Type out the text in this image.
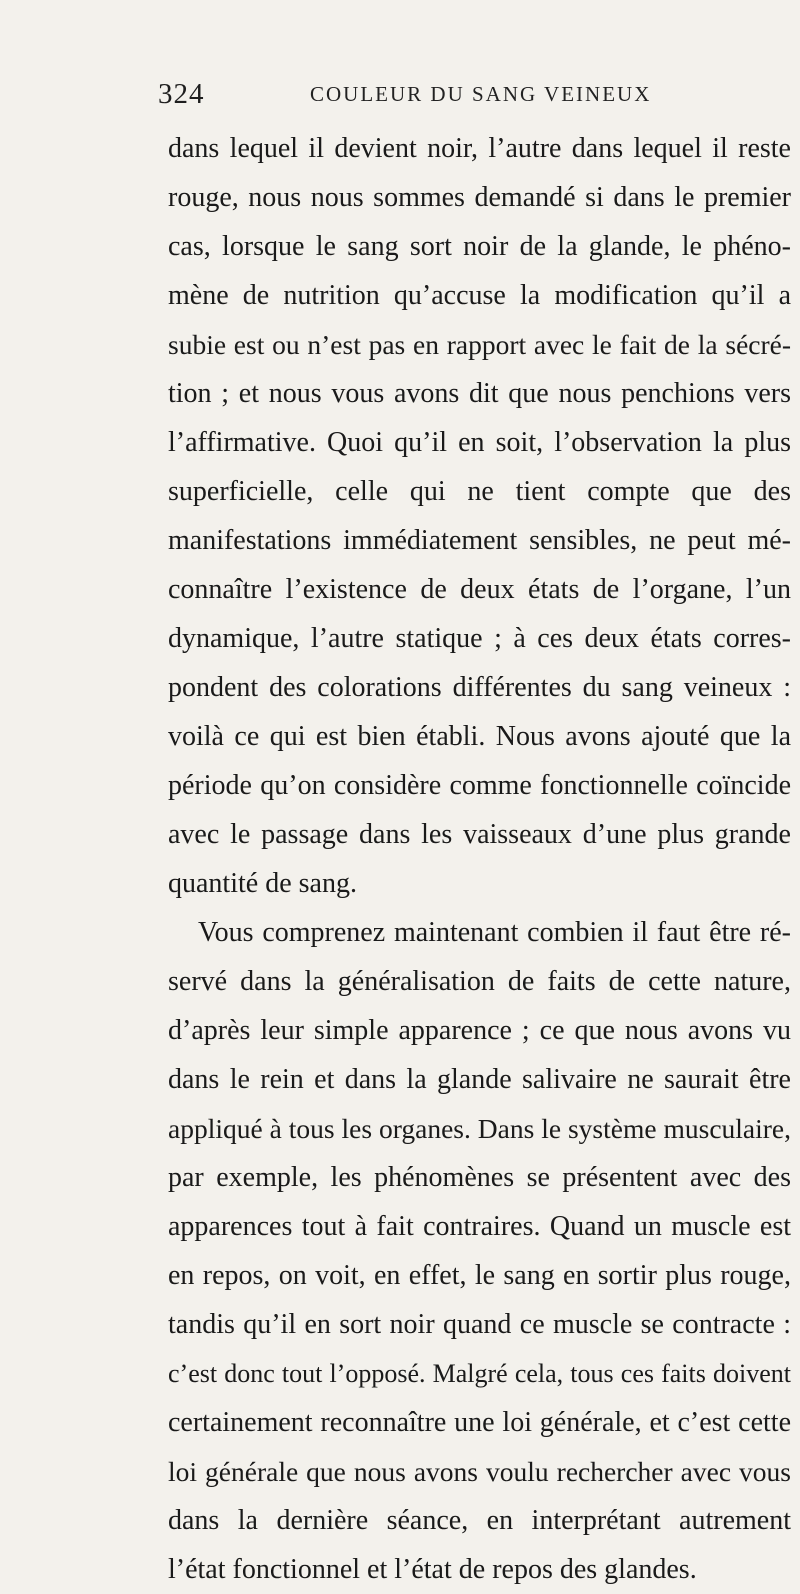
324	COULEUR DU SANG VEINEUX
dans lequel il devient noir, l’autre dans lequel il reste
rouge, nous nous sommes demandé si dans le premier
cas, lorsque le sang sort noir de la glande, le phéno-
mène de nutrition qu’accuse la modification qu’il a
subie est ou n’est pas en rapport avec le fait de la sécré-
tion ; et nous vous avons dit que nous penchions vers
l’affirmative. Quoi qu’il en soit, l’observation la plus
superficielle, celle qui ne tient compte que des
manifestations immédiatement sensibles, ne peut mé-
connaître l’existence de deux états de l’organe, l’un
dynamique, l’autre statique ; à ces deux états corres-
pondent des colorations différentes du sang veineux :
voilà ce qui est bien établi. Nous avons ajouté que la
période qu’on considère comme fonctionnelle coïncide
avec le passage dans les vaisseaux d’une plus grande
quantité de sang.
Vous comprenez maintenant combien il faut être ré-
servé dans la généralisation de faits de cette nature,
d’après leur simple apparence ; ce que nous avons vu
dans le rein et dans la glande salivaire ne saurait être
appliqué à tous les organes. Dans le système musculaire,
par exemple, les phénomènes se présentent avec des
apparences tout à fait contraires. Quand un muscle est
en repos, on voit, en effet, le sang en sortir plus rouge,
tandis qu’il en sort noir quand ce muscle se contracte :
c’est donc tout l’opposé. Malgré cela, tous ces faits doivent
certainement reconnaître une loi générale, et c’est cette
loi générale que nous avons voulu rechercher avec vous
dans la dernière séance, en interprétant autrement
l’état fonctionnel et l’état de repos des glandes.
